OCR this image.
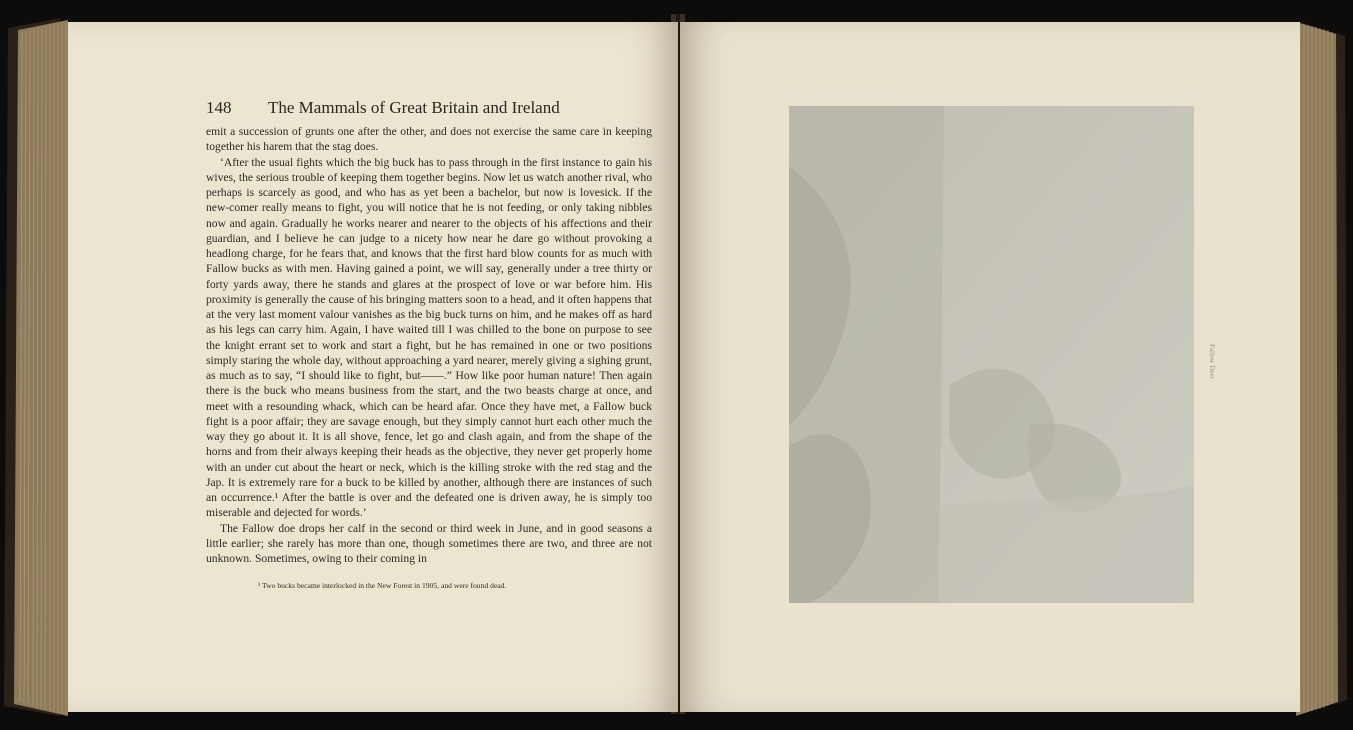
148 The Mammals of Great Britain and Ireland

emit a succession of grunts one after the other, and does not exercise the same care in keeping together his harem that the stag does.

‘After the usual fights which the big buck has to pass through in the first instance to gain his wives, the serious trouble of keeping them together begins. Now let us watch another rival, who perhaps is scarcely as good, and who has as yet been a bachelor, but now is lovesick. If the new-comer really means to fight, you will notice that he is not feeding, or only taking nibbles now and again. Gradually he works nearer and nearer to the objects of his affections and their guardian, and I believe he can judge to a nicety how near he dare go without provoking a headlong charge, for he fears that, and knows that the first hard blow counts for as much with Fallow bucks as with men. Having gained a point, we will say, generally under a tree thirty or forty yards away, there he stands and glares at the prospect of love or war before him. His proximity is generally the cause of his bringing matters soon to a head, and it often happens that at the very last moment valour vanishes as the big buck turns on him, and he makes off as hard as his legs can carry him. Again, I have waited till I was chilled to the bone on purpose to see the knight errant set to work and start a fight, but he has remained in one or two positions simply staring the whole day, without approaching a yard nearer, merely giving a sighing grunt, as much as to say, “I should like to fight, but——.” How like poor human nature! Then again there is the buck who means business from the start, and the two beasts charge at once, and meet with a resounding whack, which can be heard afar. Once they have met, a Fallow buck fight is a poor affair; they are savage enough, but they simply cannot hurt each other much the way they go about it. It is all shove, fence, let go and clash again, and from the shape of the horns and from their always keeping their heads as the objective, they never get properly home with an under cut about the heart or neck, which is the killing stroke with the red stag and the Jap. It is extremely rare for a buck to be killed by another, although there are instances of such an occurrence.¹ After the battle is over and the defeated one is driven away, he is simply too miserable and dejected for words.’

The Fallow doe drops her calf in the second or third week in June, and in good seasons a little earlier; she rarely has more than one, though sometimes there are two, and three are not unknown. Sometimes, owing to their coming in

¹ Two bucks became interlocked in the New Forest in 1905, and were found dead.
Fallow Deer
